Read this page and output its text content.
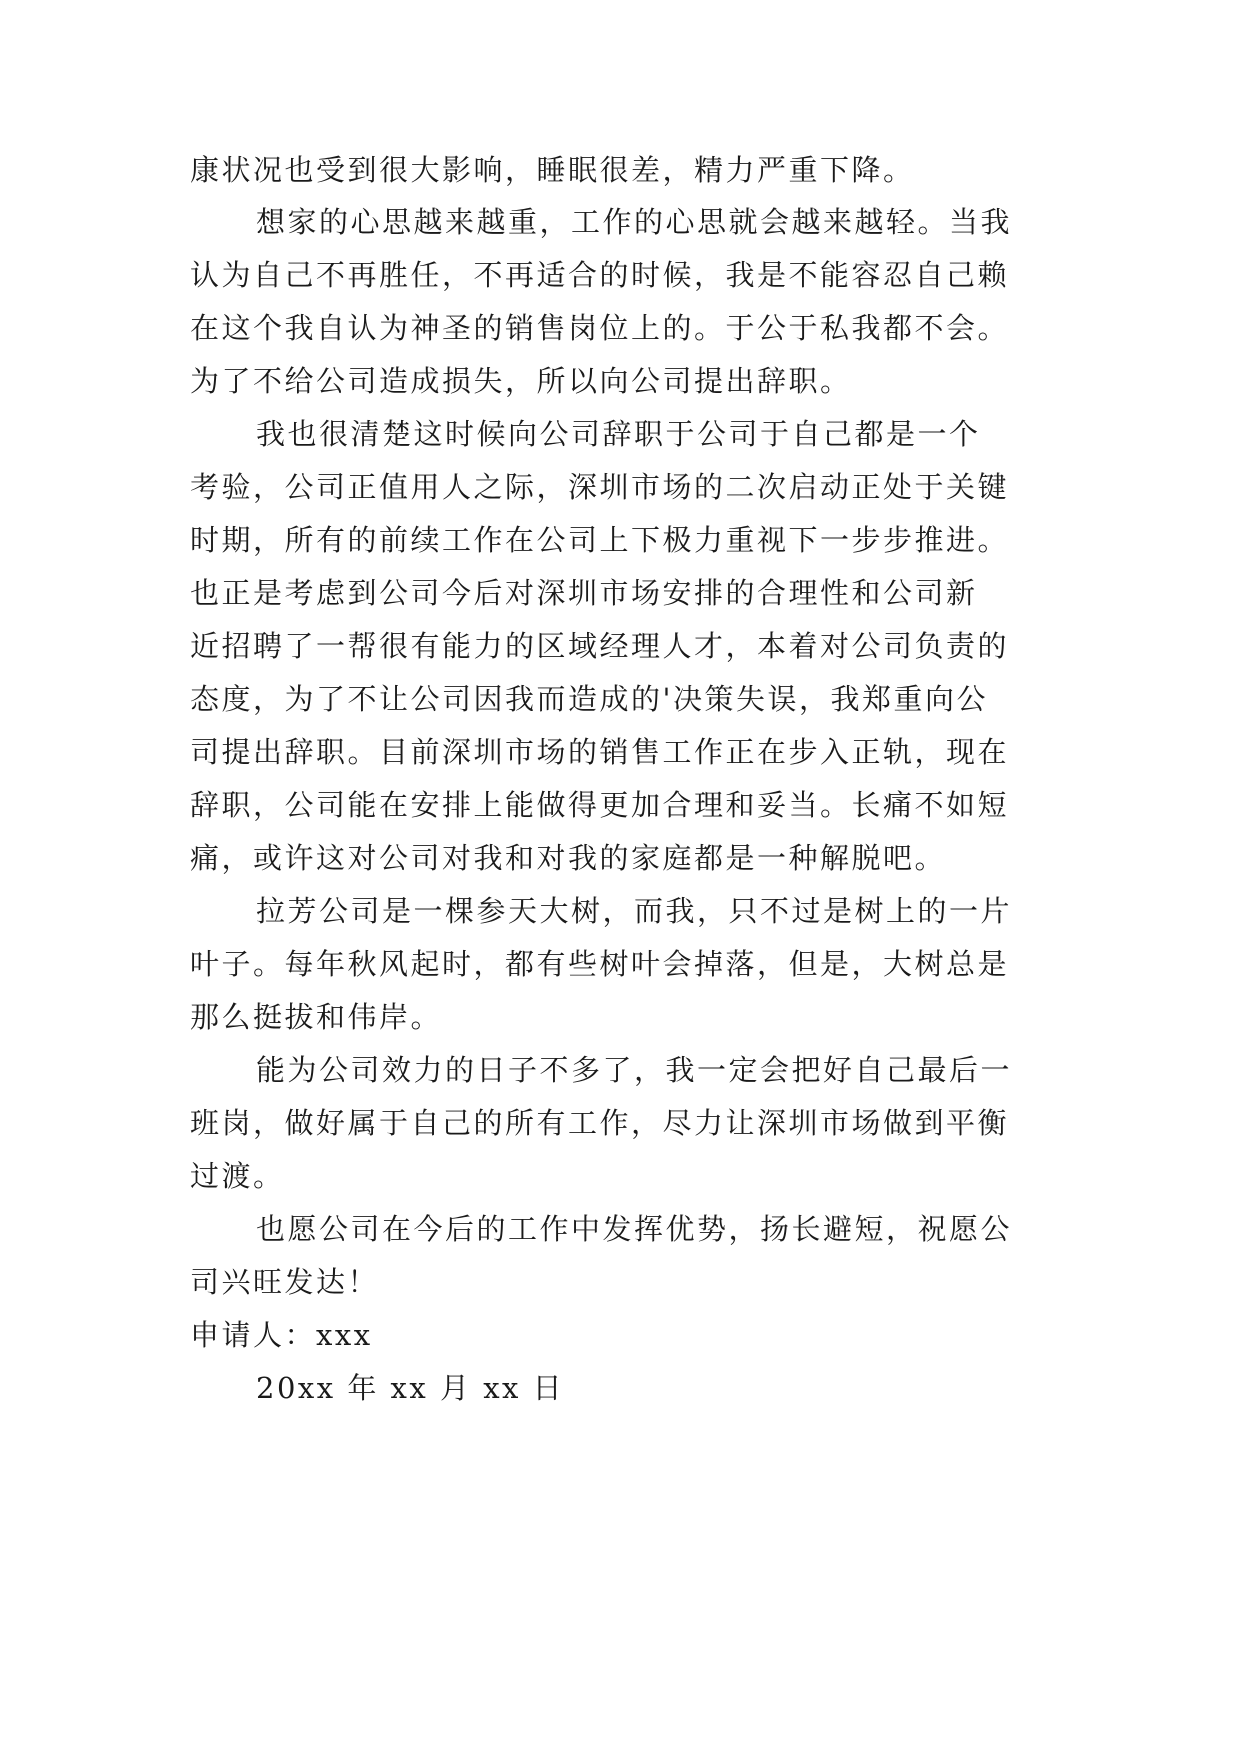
康状况也受到很大影响，睡眠很差，精力严重下降。
想家的心思越来越重，工作的心思就会越来越轻。当我
认为自己不再胜任，不再适合的时候，我是不能容忍自己赖
在这个我自认为神圣的销售岗位上的。于公于私我都不会。
为了不给公司造成损失，所以向公司提出辞职。
我也很清楚这时候向公司辞职于公司于自己都是一个
考验，公司正值用人之际，深圳市场的二次启动正处于关键
时期，所有的前续工作在公司上下极力重视下一步步推进。
也正是考虑到公司今后对深圳市场安排的合理性和公司新
近招聘了一帮很有能力的区域经理人才，本着对公司负责的
态度，为了不让公司因我而造成的'决策失误，我郑重向公
司提出辞职。目前深圳市场的销售工作正在步入正轨，现在
辞职，公司能在安排上能做得更加合理和妥当。长痛不如短
痛，或许这对公司对我和对我的家庭都是一种解脱吧。
拉芳公司是一棵参天大树，而我，只不过是树上的一片
叶子。每年秋风起时，都有些树叶会掉落，但是，大树总是
那么挺拔和伟岸。
能为公司效力的日子不多了，我一定会把好自己最后一
班岗，做好属于自己的所有工作，尽力让深圳市场做到平衡
过渡。
也愿公司在今后的工作中发挥优势，扬长避短，祝愿公
司兴旺发达！
申请人：xxx
20xx 年 xx 月 xx 日
